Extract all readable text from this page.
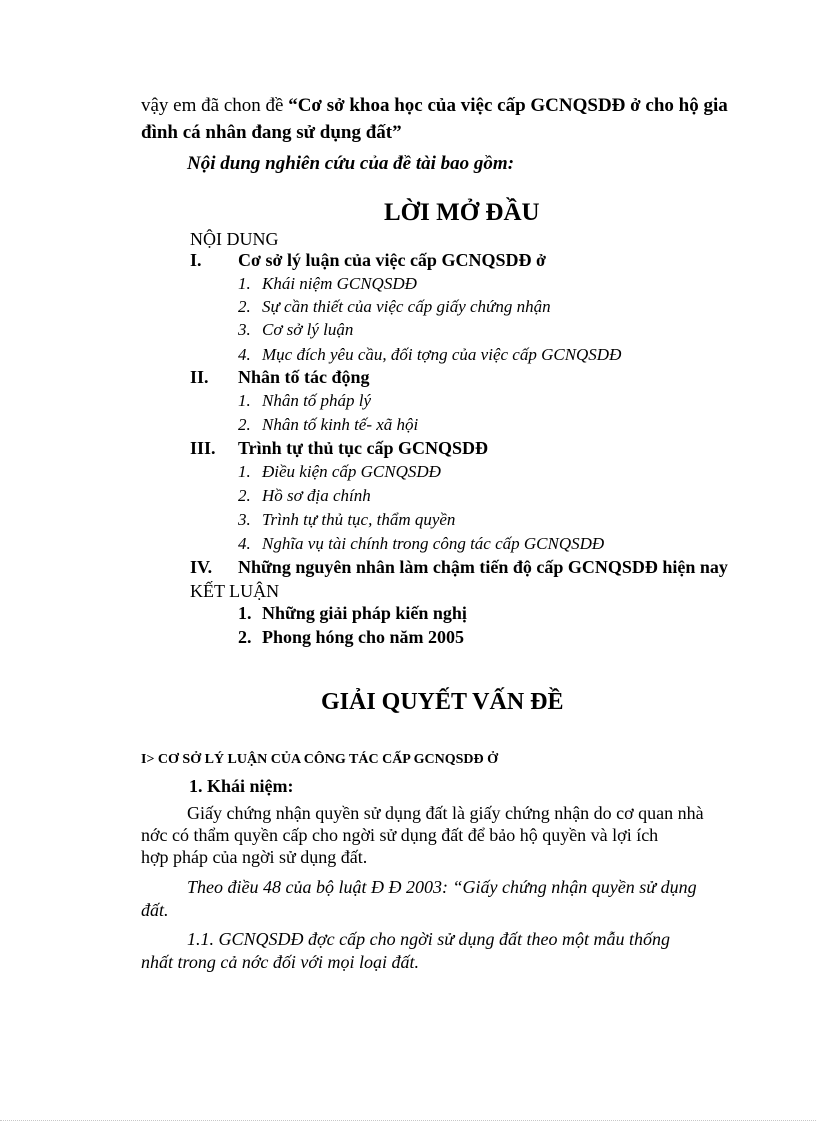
vậy em đã chon đề “Cơ sở khoa học của việc cấp GCNQSDĐ ở cho hộ gia
đình cá nhân đang sử dụng đất”
Nội dung nghiên cứu của đề tài bao gồm:
LỜI MỞ ĐẦU
NỘI DUNG
I. Cơ sở lý luận của việc cấp GCNQSDĐ ở
1. Khái niệm GCNQSDĐ
2. Sự cần thiết của việc cấp giấy chứng nhận
3. Cơ sở lý luận
4. Mục đích yêu cầu, đối tợng của việc cấp GCNQSDĐ
II. Nhân tố tác động
1. Nhân tố pháp lý
2. Nhân tố kinh tế- xã hội
III. Trình tự thủ tục cấp GCNQSDĐ
1. Điều kiện cấp GCNQSDĐ
2. Hồ sơ địa chính
3. Trình tự thủ tục, thẩm quyền
4. Nghĩa vụ tài chính trong công tác cấp GCNQSDĐ
IV. Những nguyên nhân làm chậm tiến độ cấp GCNQSDĐ hiện nay
KẾT LUẬN
1. Những giải pháp kiến nghị
2. Phong hóng cho năm 2005
GIẢI QUYẾT VẤN ĐỀ
I> CƠ SỞ LÝ LUẬN CỦA CÔNG TÁC CẤP GCNQSDĐ Ở
1. Khái niệm:
Giấy chứng nhận quyền sử dụng đất là giấy chứng nhận do cơ quan nhà
nớc có thẩm quyền cấp cho ngời sử dụng đất để bảo hộ quyền và lợi ích
hợp pháp của ngời sử dụng đất.
Theo điều 48 của bộ luật Đ Đ 2003: “Giấy chứng nhận quyền sử dụng
đất.
1.1. GCNQSDĐ đợc cấp cho ngời sử dụng đất theo một mẫu thống
nhất trong cả nớc đối với mọi loại đất.
